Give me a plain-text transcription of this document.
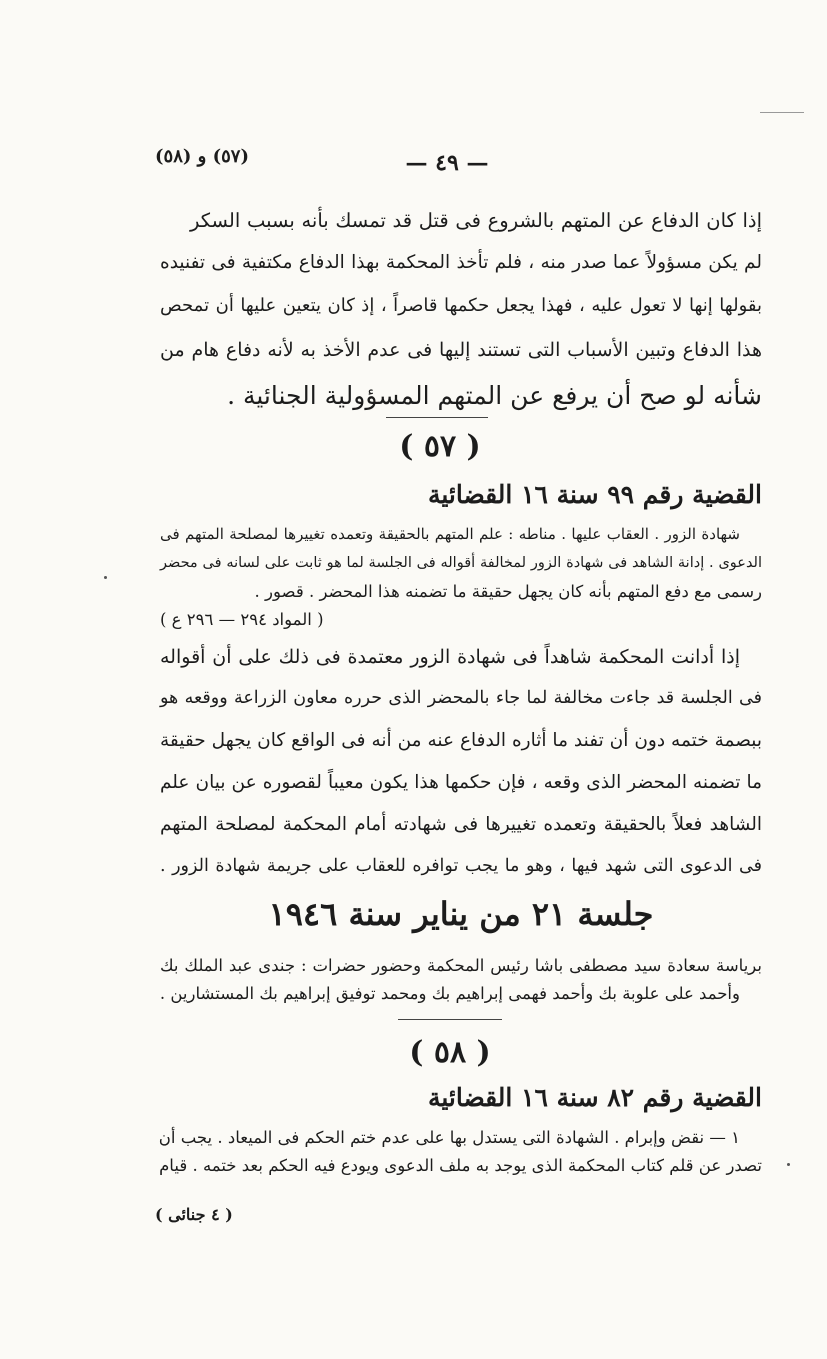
— ٤٩ —
(٥٧) و (٥٨)
إذا كان الدفاع عن المتهم بالشروع فى قتل قد تمسك بأنه بسبب السكر
لم يكن مسؤولاً عما صدر منه ، فلم تأخذ المحكمة بهذا الدفاع مكتفية فى تفنيده
بقولها إنها لا تعول عليه ، فهذا يجعل حكمها قاصراً ، إذ كان يتعين عليها أن تمحص
هذا الدفاع وتبين الأسباب التى تستند إليها فى عدم الأخذ به لأنه دفاع هام من
شأنه لو صح أن يرفع عن المتهم المسؤولية الجنائية .
( ٥٧ )
القضية رقم ٩٩ سنة ١٦ القضائية
شهادة الزور . العقاب عليها . مناطه : علم المتهم بالحقيقة وتعمده تغييرها لمصلحة المتهم فى
الدعوى . إدانة الشاهد فى شهادة الزور لمخالفة أقواله فى الجلسة لما هو ثابت على لسانه فى محضر
رسمى مع دفع المتهم بأنه كان يجهل حقيقة ما تضمنه هذا المحضر . قصور .
( المواد ٢٩٤ — ٢٩٦ ع )
إذا أدانت المحكمة شاهداً فى شهادة الزور معتمدة فى ذلك على أن أقواله
فى الجلسة قد جاءت مخالفة لما جاء بالمحضر الذى حرره معاون الزراعة ووقعه هو
ببصمة ختمه دون أن تفند ما أثاره الدفاع عنه من أنه فى الواقع كان يجهل حقيقة
ما تضمنه المحضر الذى وقعه ، فإن حكمها هذا يكون معيباً لقصوره عن بيان علم
الشاهد فعلاً بالحقيقة وتعمده تغييرها فى شهادته أمام المحكمة لمصلحة المتهم
فى الدعوى التى شهد فيها ، وهو ما يجب توافره للعقاب على جريمة شهادة الزور .
جلسة ٢١ من يناير سنة ١٩٤٦
برياسة سعادة سيد مصطفى باشا رئيس المحكمة وحضور حضرات : جندى عبد الملك بك
وأحمد على علوبة بك وأحمد فهمى إبراهيم بك ومحمد توفيق إبراهيم بك المستشارين .
( ٥٨ )
القضية رقم ٨٢ سنة ١٦ القضائية
١ — نقض وإبرام . الشهادة التى يستدل بها على عدم ختم الحكم فى الميعاد . يجب أن
تصدر عن قلم كتاب المحكمة الذى يوجد به ملف الدعوى ويودع فيه الحكم بعد ختمه . قيام
( ٤ جنائى )
